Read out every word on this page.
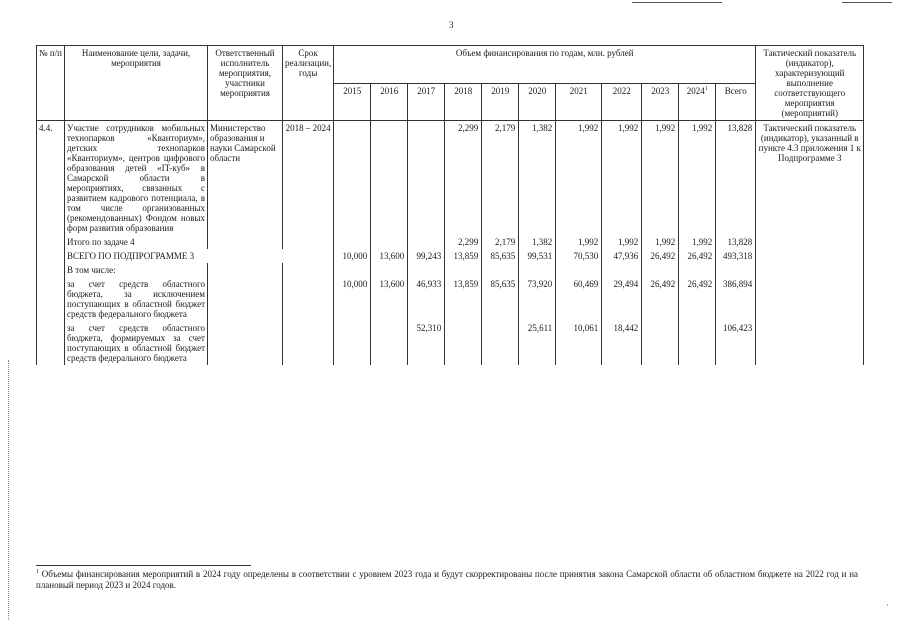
3
№ п/п	Наименование цели, задачи, мероприятия	Ответственный исполнитель мероприятия, участники мероприятия	Срок реализации, годы	Объем финансирования по годам, млн. рублей											Тактический показатель (индикатор), характеризующий выполнение соответствующего мероприятия (мероприятий)
				2015	2016	2017	2018	2019	2020	2021	2022	2023	2024$^1$	Всего	
4.4.	Участие сотрудников мобильных технопарков «Кванториум», детских технопарков «Кванториум», центров цифрового образования детей «IT-куб» в Самарской области в мероприятиях, связанных с развитием кадрового потенциала, в том числе организованных (рекомендованных) Фондом новых форм развития образования	Министерство образования и науки Самарской области	2018 – 2024				2,299	2,179	1,382	1,992	1,992	1,992	1,992	13,828	Тактический показатель (индикатор), указанный в пункте 4.3 приложения 1 к Подпрограмме 3
	Итого по задаче 4						2,299	2,179	1,382	1,992	1,992	1,992	1,992	13,828	
	ВСЕГО ПО ПОДПРОГРАММЕ 3			10,000	13,600	99,243	13,859	85,635	99,531	70,530	47,936	26,492	26,492	493,318	
	В том числе:														
	за счет средств областного бюджета, за исключением поступающих в областной бюджет средств федерального бюджета			10,000	13,600	46,933	13,859	85,635	73,920	60,469	29,494	26,492	26,492	386,894	
	за счет средств областного бюджета, формируемых за счет поступающих в областной бюджет средств федерального бюджета					52,310			25,611	10,061	18,442			106,423	
·
$^1$ Объемы финансирования мероприятий в 2024 году определены в соответствии с уровнем 2023 года и будут скорректированы после принятия закона Самарской области об областном бюджете на 2022 год и на плановый период 2023 и 2024 годов.
